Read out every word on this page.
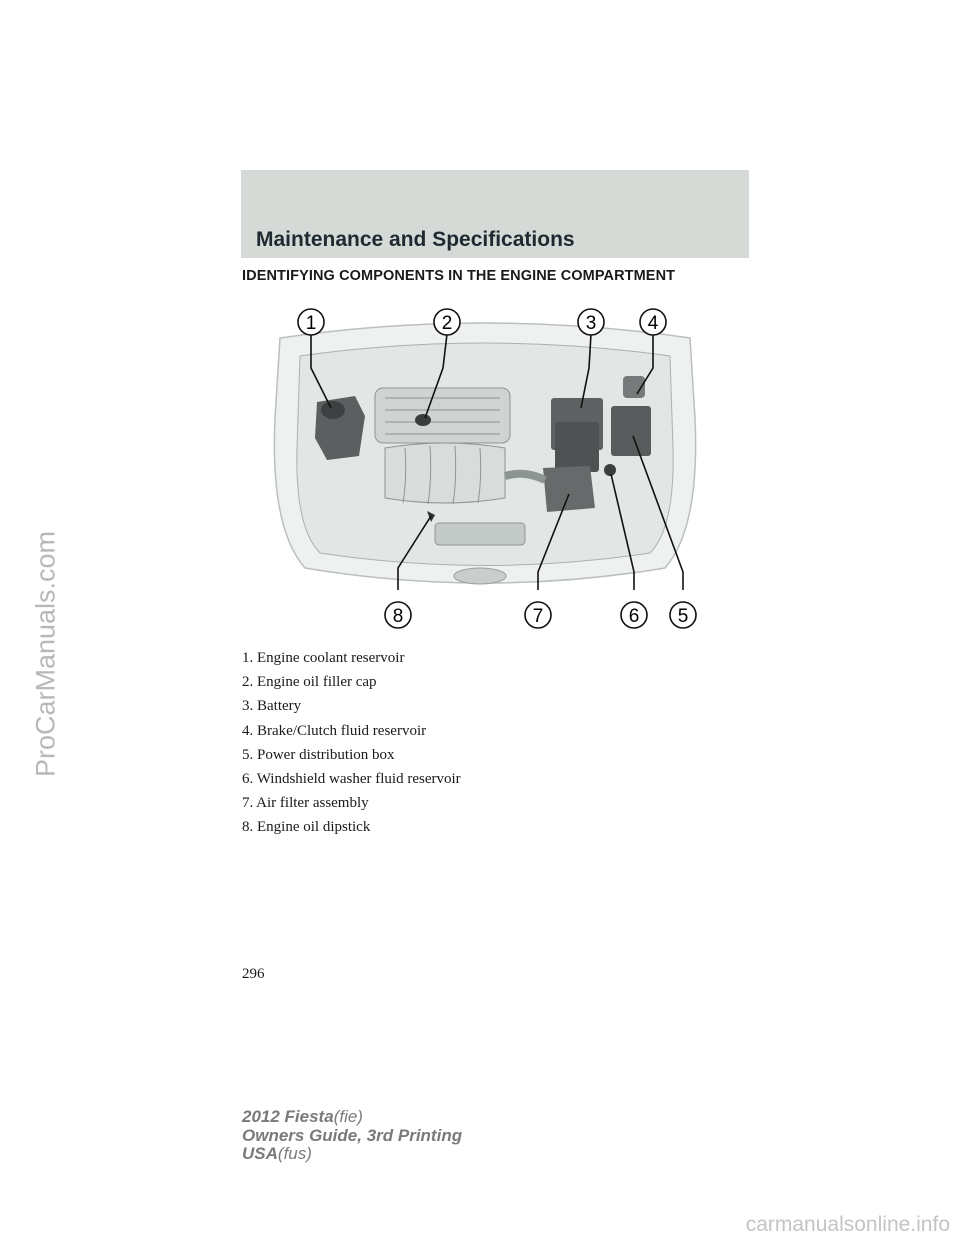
Maintenance and Specifications
IDENTIFYING COMPONENTS IN THE ENGINE COMPARTMENT
1	2	3	4
5
6
7
8
1. Engine coolant reservoir
2. Engine oil filler cap
3. Battery
4. Brake/Clutch fluid reservoir
5. Power distribution box
6. Windshield washer fluid reservoir
7. Air filter assembly
8. Engine oil dipstick
296
2012 Fiesta(fie)
Owners Guide, 3rd Printing
USA(fus)
ProCarManuals.com
carmanualsonline.info
